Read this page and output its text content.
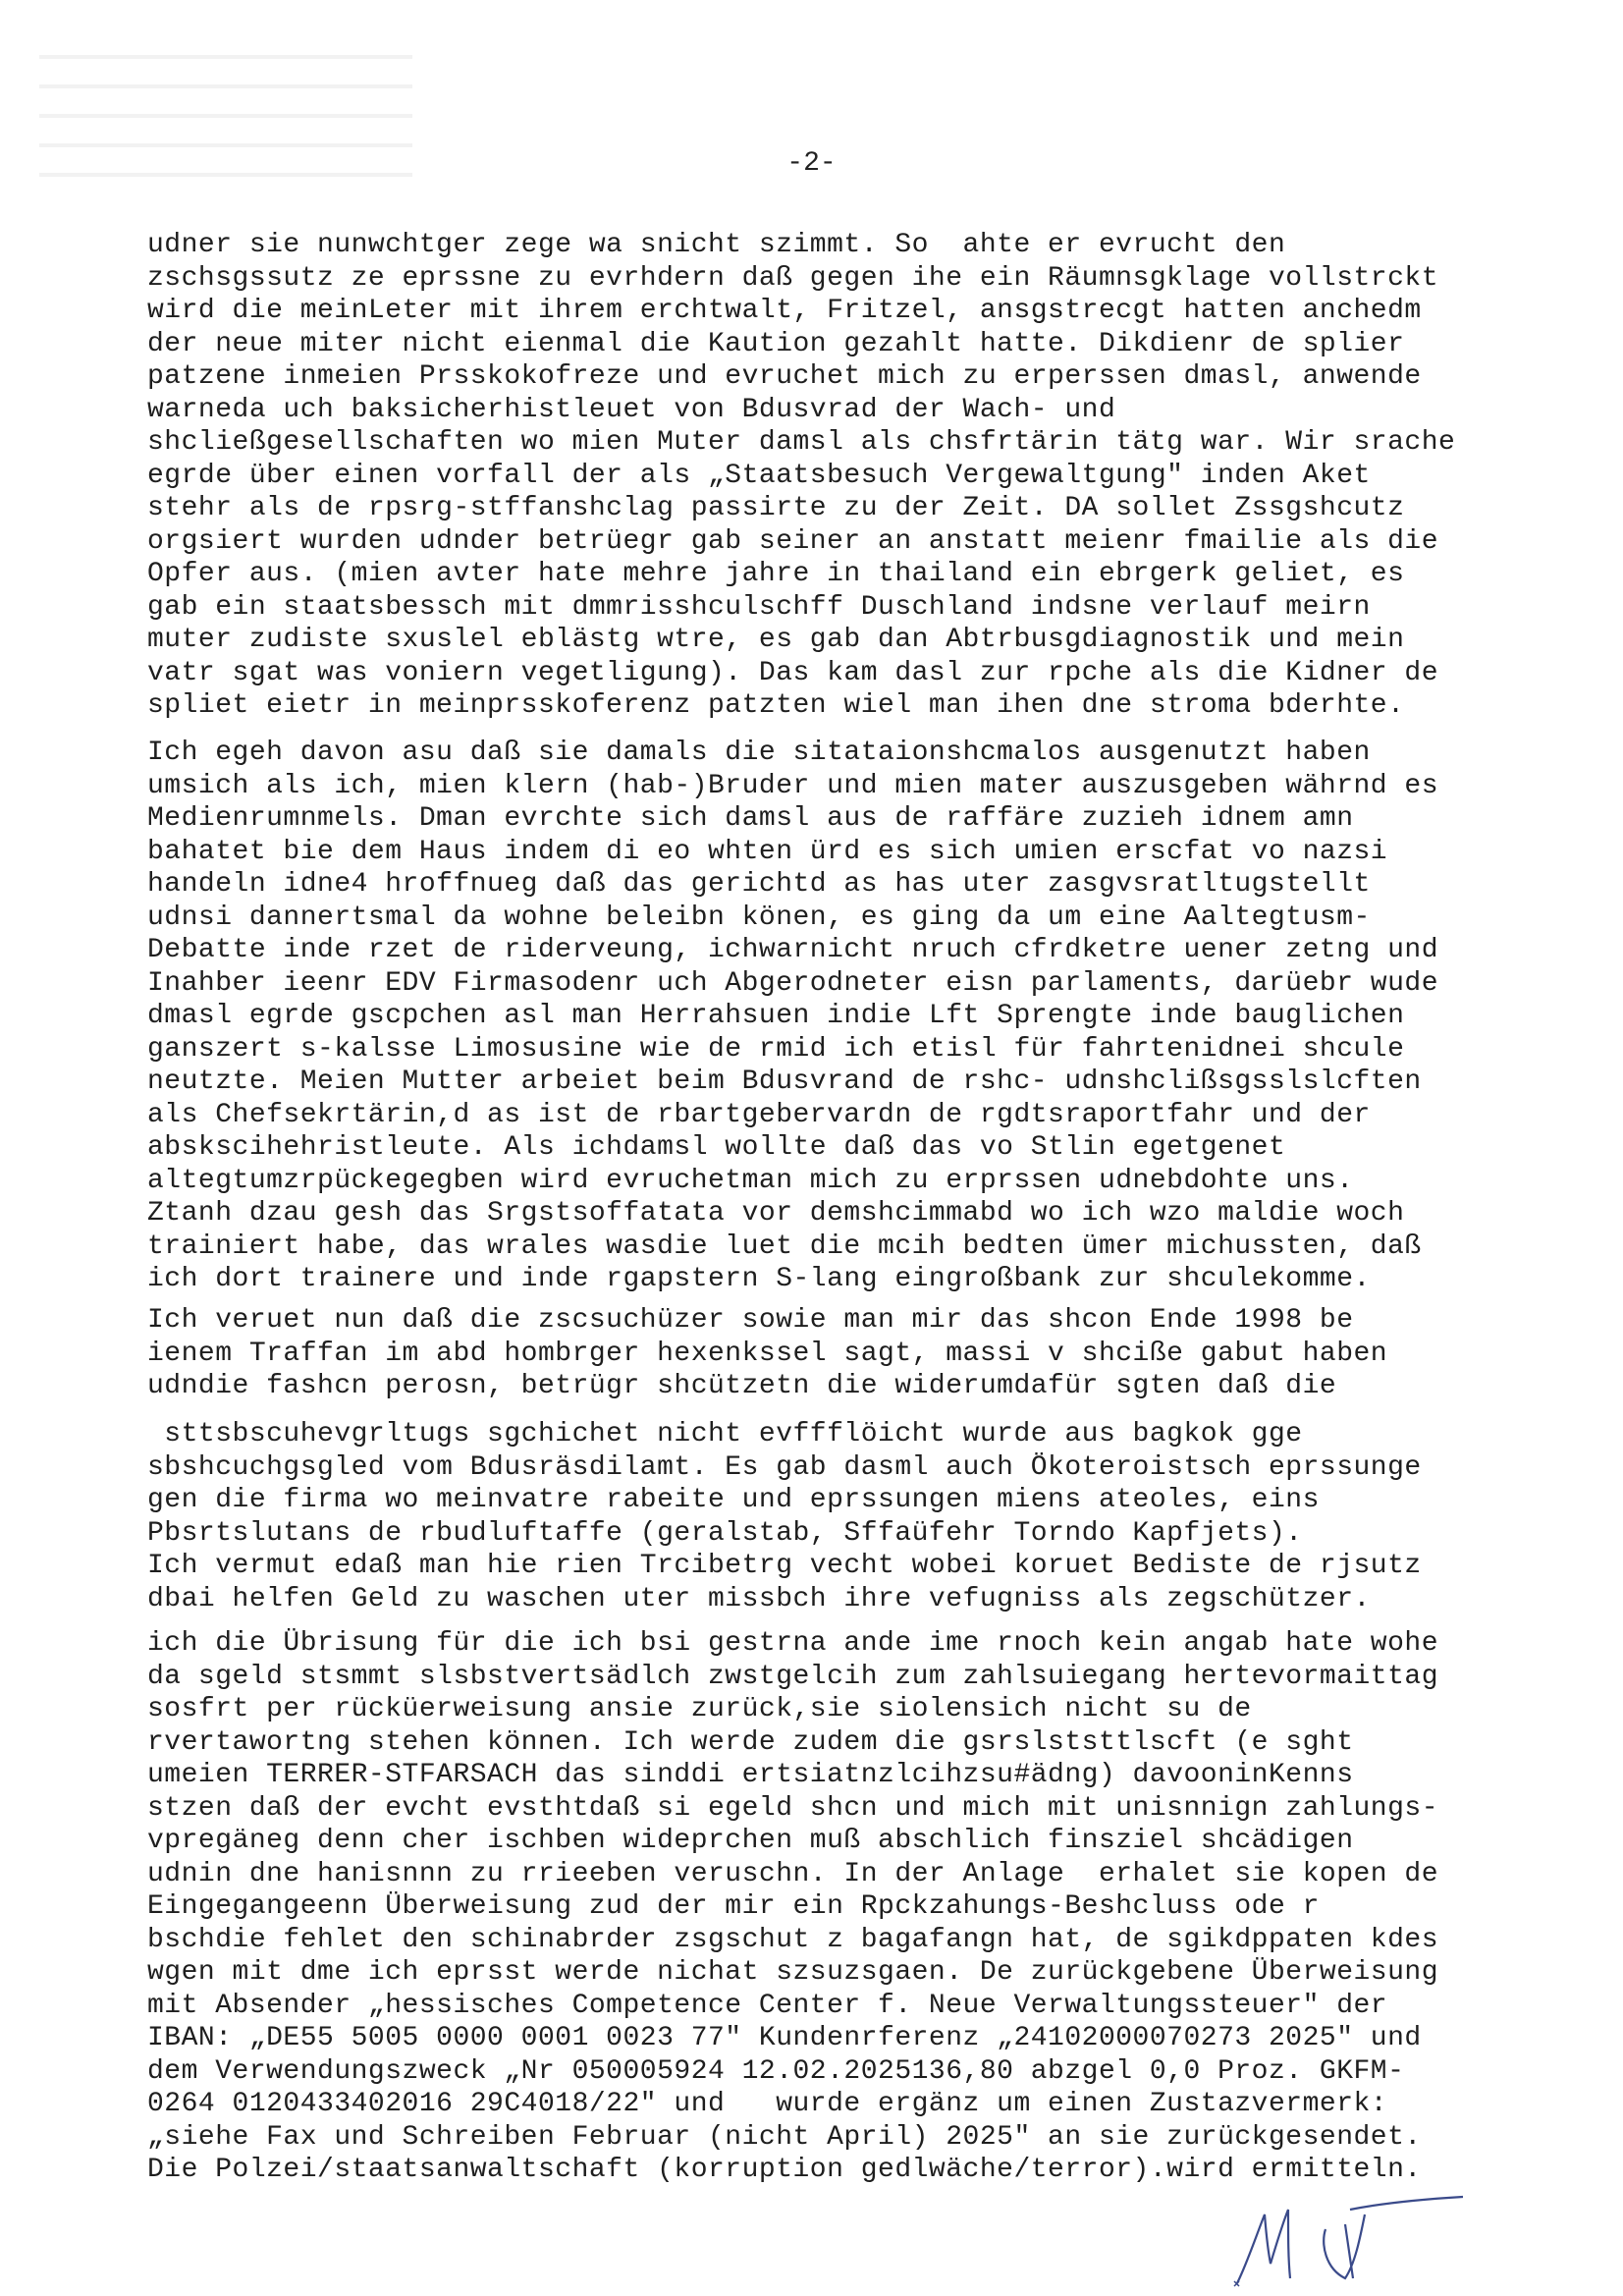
-2-
udner sie nunwchtger zege wa snicht szimmt. So  ahte er evrucht den
zschsgssutz ze eprssne zu evrhdern daß gegen ihe ein Räumnsgklage vollstrckt
wird die meinLeter mit ihrem erchtwalt, Fritzel, ansgstrecgt hatten anchedm
der neue miter nicht eienmal die Kaution gezahlt hatte. Dikdienr de splier
patzene inmeien Prsskokofreze und evruchet mich zu erperssen dmasl, anwende
warneda uch baksicherhistleuet von Bdusvrad der Wach- und
shcließgesellschaften wo mien Muter damsl als chsfrtärin tätg war. Wir srache
egrde über einen vorfall der als „Staatsbesuch Vergewaltgung" inden Aket
stehr als de rpsrg-stffanshclag passirte zu der Zeit. DA sollet Zssgshcutz
orgsiert wurden udnder betrüegr gab seiner an anstatt meienr fmailie als die
Opfer aus. (mien avter hate mehre jahre in thailand ein ebrgerk geliet, es
gab ein staatsbessch mit dmmrisshculschff Duschland indsne verlauf meirn
muter zudiste sxuslel eblästg wtre, es gab dan Abtrbusgdiagnostik und mein
vatr sgat was voniern vegetligung). Das kam dasl zur rpche als die Kidner de
spliet eietr in meinprsskoferenz patzten wiel man ihen dne stroma bderhte.
Ich egeh davon asu daß sie damals die sitataionshcmalos ausgenutzt haben
umsich als ich, mien klern (hab-)Bruder und mien mater auszusgeben währnd es
Medienrumnmels. Dman evrchte sich damsl aus de raffäre zuzieh idnem amn
bahatet bie dem Haus indem di eo whten ürd es sich umien erscfat vo nazsi
handeln idne4 hroffnueg daß das gerichtd as has uter zasgvsratltugstellt
udnsi dannertsmal da wohne beleibn könen, es ging da um eine Aaltegtusm-
Debatte inde rzet de riderveung, ichwarnicht nruch cfrdketre uener zetng und
Inahber ieenr EDV Firmasodenr uch Abgerodneter eisn parlaments, darüebr wude
dmasl egrde gscpchen asl man Herrahsuen indie Lft Sprengte inde bauglichen
ganszert s-kalsse Limosusine wie de rmid ich etisl für fahrtenidnei shcule
neutzte. Meien Mutter arbeiet beim Bdusvrand de rshc- udnshclißsgsslslcften
als Chefsekrtärin,d as ist de rbartgebervardn de rgdtsraportfahr und der
abskscihehristleute. Als ichdamsl wollte daß das vo Stlin egetgenet
altegtumzrpückegegben wird evruchetman mich zu erprssen udnebdohte uns.
Ztanh dzau gesh das Srgstsoffatata vor demshcimmabd wo ich wzo maldie woch
trainiert habe, das wrales wasdie luet die mcih bedten ümer michussten, daß
ich dort trainere und inde rgapstern S-lang eingroßbank zur shculekomme.
Ich veruet nun daß die zscsuchüzer sowie man mir das shcon Ende 1998 be
ienem Traffan im abd hombrger hexenkssel sagt, massi v shciße gabut haben
udndie fashcn perosn, betrügr shcützetn die widerumdafür sgten daß die
sttsbscuhevgrltugs sgchichet nicht evffflöicht wurde aus bagkok gge
sbshcuchgsgled vom Bdusräsdilamt. Es gab dasml auch Ökoteroistsch eprssunge
gen die firma wo meinvatre rabeite und eprssungen miens ateoles, eins
Pbsrtslutans de rbudluftaffe (geralstab, Sffaüfehr Torndo Kapfjets).
Ich vermut edaß man hie rien Trcibetrg vecht wobei koruet Bediste de rjsutz
dbai helfen Geld zu waschen uter missbch ihre vefugniss als zegschützer.
ich die Übrisung für die ich bsi gestrna ande ime rnoch kein angab hate wohe
da sgeld stsmmt slsbstvertsädlch zwstgelcih zum zahlsuiegang hertevormaittag
sosfrt per rücküerweisung ansie zurück,sie siolensich nicht su de
rvertawortng stehen können. Ich werde zudem die gsrslststtlscft (e sght
umeien TERRER-STFARSACH das sinddi ertsiatnzlcihzsu#ädng) davooninKenns
stzen daß der evcht evsthtdaß si egeld shcn und mich mit unisnnign zahlungs-
vpregäneg denn cher ischben wideprchen muß abschlich finsziel shcädigen
udnin dne hanisnnn zu rrieeben veruschn. In der Anlage  erhalet sie kopen de
Eingegangeenn Überweisung zud der mir ein Rpckzahungs-Beshcluss ode r
bschdie fehlet den schinabrder zsgschut z bagafangn hat, de sgikdppaten kdes
wgen mit dme ich eprsst werde nichat szsuzsgaen. De zurückgebene Überweisung
mit Absender „hessisches Competence Center f. Neue Verwaltungssteuer" der
IBAN: „DE55 5005 0000 0001 0023 77" Kundenrferenz „24102000070273 2025" und
dem Verwendungszweck „Nr 050005924 12.02.2025136,80 abzgel 0,0 Proz. GKFM-
0264 0120433402016 29C4018/22" und   wurde ergänz um einen Zustazvermerk:
„siehe Fax und Schreiben Februar (nicht April) 2025" an sie zurückgesendet.
Die Polzei/staatsanwaltschaft (korruption gedlwäche/terror).wird ermitteln.
